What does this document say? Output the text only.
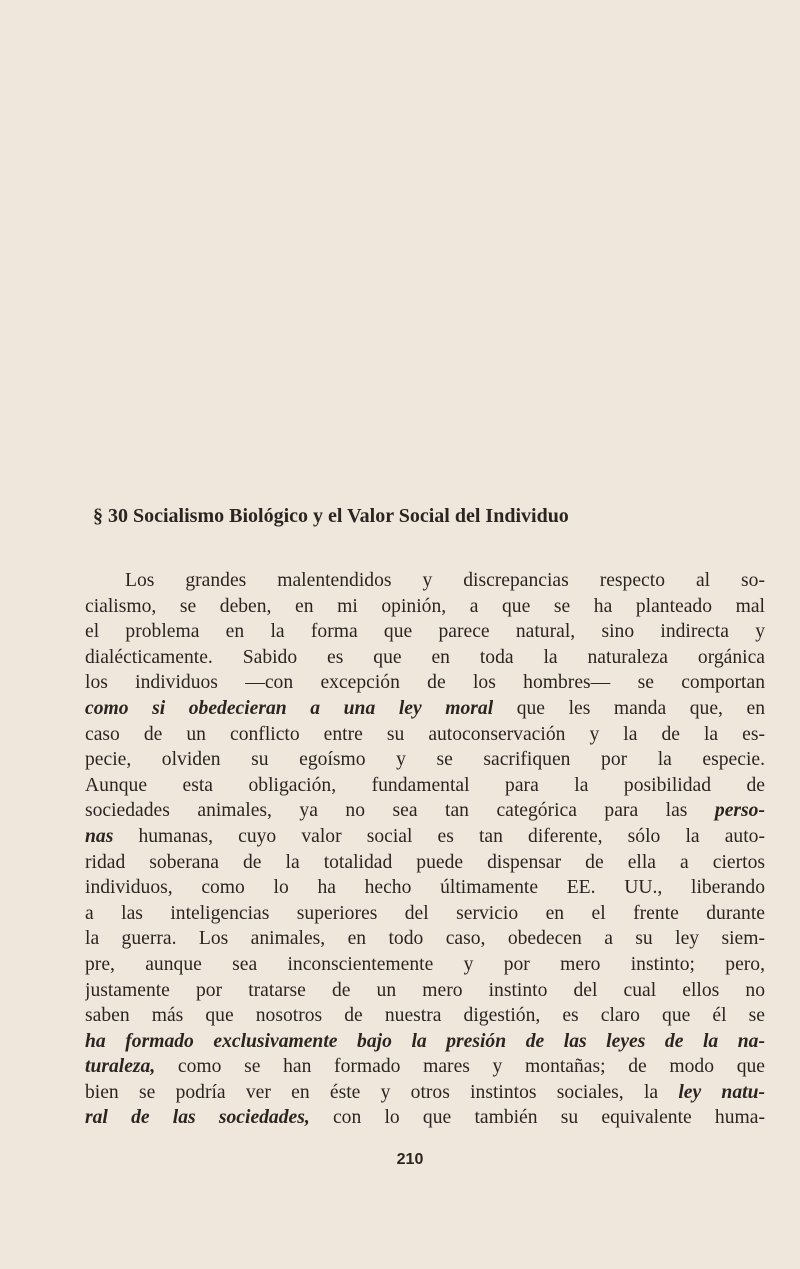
§ 30 Socialismo Biológico y el Valor Social del Individuo
Los grandes malentendidos y discrepancias respecto al so-
cialismo, se deben, en mi opinión, a que se ha planteado mal
el problema en la forma que parece natural, sino indirecta y
dialécticamente. Sabido es que en toda la naturaleza orgánica
los individuos —con excepción de los hombres— se comportan
como si obedecieran a una ley moral que les manda que, en
caso de un conflicto entre su autoconservación y la de la es-
pecie, olviden su egoísmo y se sacrifiquen por la especie.
Aunque esta obligación, fundamental para la posibilidad de
sociedades animales, ya no sea tan categórica para las perso-
nas humanas, cuyo valor social es tan diferente, sólo la auto-
ridad soberana de la totalidad puede dispensar de ella a ciertos
individuos, como lo ha hecho últimamente EE. UU., liberando
a las inteligencias superiores del servicio en el frente durante
la guerra. Los animales, en todo caso, obedecen a su ley siem-
pre, aunque sea inconscientemente y por mero instinto; pero,
justamente por tratarse de un mero instinto del cual ellos no
saben más que nosotros de nuestra digestión, es claro que él se
ha formado exclusivamente bajo la presión de las leyes de la na-
turaleza, como se han formado mares y montañas; de modo que
bien se podría ver en éste y otros instintos sociales, la ley natu-
ral de las sociedades, con lo que también su equivalente huma-
210
